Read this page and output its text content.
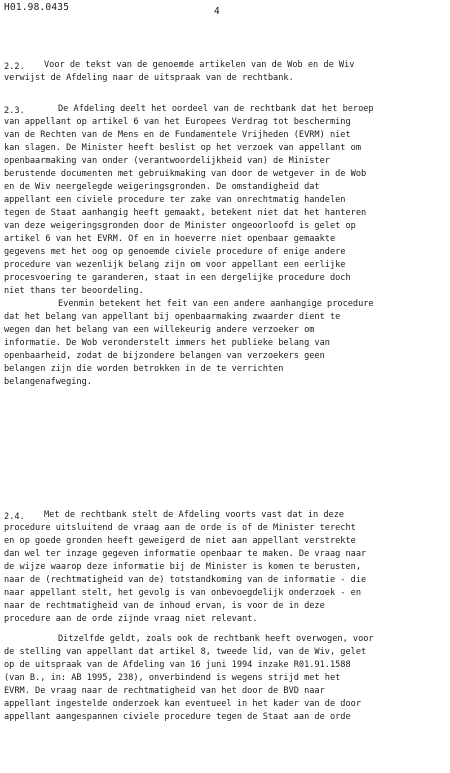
H01.98.0435	4
2.2. Voor de tekst van de genoemde artikelen van de Wob en de Wiv
verwijst de Afdeling naar de uitspraak van de rechtbank.
2.3.	De Afdeling deelt het oordeel van de rechtbank dat het beroep
van appellant op artikel 6 van het Europees Verdrag tot bescherming
van de Rechten van de Mens en de Fundamentele Vrijheden (EVRM) niet
kan slagen. De Minister heeft beslist op het verzoek van appellant om
openbaarmaking van onder (verantwoordelijkheid van) de Minister
berustende documenten met gebruikmaking van door de wetgever in de Wob
en de Wiv neergelegde weigeringsgronden. De omstandigheid dat
appellant een civiele procedure ter zake van onrechtmatig handelen
tegen de Staat aanhangig heeft gemaakt, betekent niet dat het hanteren
van deze weigeringsgronden door de Minister ongeoorloofd is gelet op
artikel 6 van het EVRM. Of en in hoeverre niet openbaar gemaakte
gegevens met het oog op genoemde civiele procedure of enige andere
procedure van wezenlijk belang zijn om voor appellant een eerlijke
procesvoering te garanderen, staat in een dergelijke procedure doch
niet thans ter beoordeling.
Evenmin betekent het feit van een andere aanhangige procedure
dat het belang van appellant bij openbaarmaking zwaarder dient te
wegen dan het belang van een willekeurig andere verzoeker om
informatie. De Wob veronderstelt immers het publieke belang van
openbaarheid, zodat de bijzondere belangen van verzoekers geen
belangen zijn die worden betrokken in de te verrichten
belangenafweging.
2.4. Met de rechtbank stelt de Afdeling voorts vast dat in deze
procedure uitsluitend de vraag aan de orde is of de Minister terecht
en op goede gronden heeft geweigerd de niet aan appellant verstrekte
dan wel ter inzage gegeven informatie openbaar te maken. De vraag naar
de wijze waarop deze informatie bij de Minister is komen te berusten,
naar de (rechtmatigheid van de) totstandkoming van de informatie - die
naar appellant stelt, het gevolg is van onbevoegdelijk onderzoek - en
naar de rechtmatigheid van de inhoud ervan, is voor de in deze
procedure aan de orde zijnde vraag niet relevant.
Ditzelfde geldt, zoals ook de rechtbank heeft overwogen, voor
de stelling van appellant dat artikel 8, tweede lid, van de Wiv, gelet
op de uitspraak van de Afdeling van 16 juni 1994 inzake R01.91.1588
(van B., in: AB 1995, 238), onverbindend is wegens strijd met het
EVRM. De vraag naar de rechtmatigheid van het door de BVD naar
appellant ingestelde onderzoek kan eventueel in het kader van de door
appellant aangespannen civiele procedure tegen de Staat aan de orde
